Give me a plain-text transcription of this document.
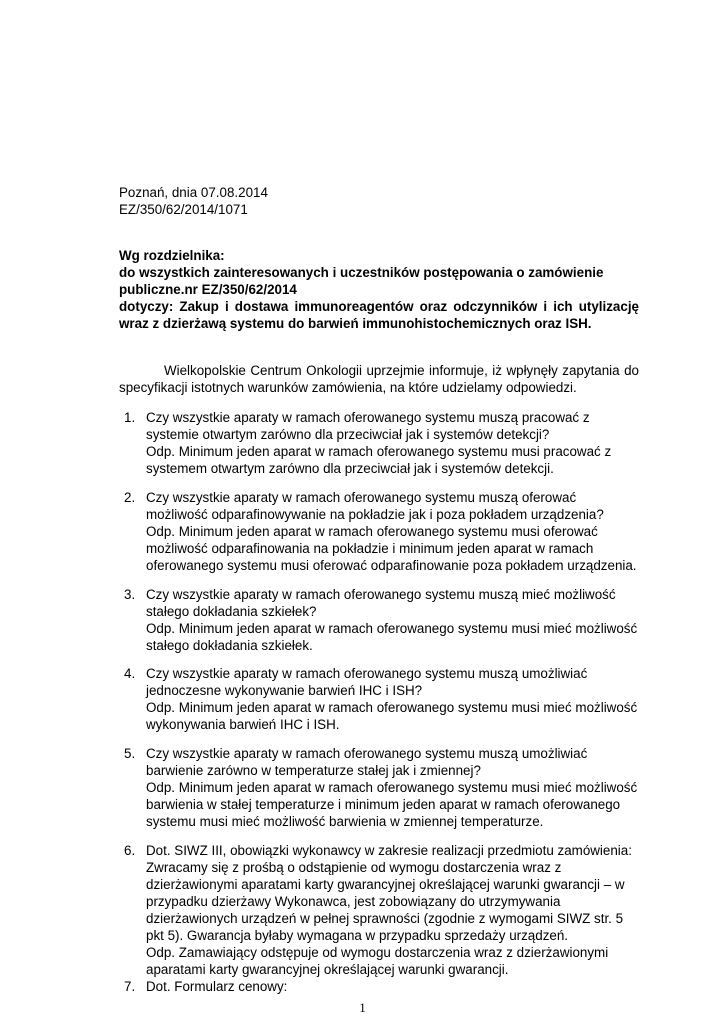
Poznań, dnia 07.08.2014
EZ/350/62/2014/1071
Wg rozdzielnika:
do wszystkich zainteresowanych i uczestników postępowania o zamówienie
publiczne.nr EZ/350/62/2014
dotyczy: Zakup i dostawa immunoreagentów oraz odczynników i ich utylizację
wraz z dzierżawą systemu do barwień immunohistochemicznych oraz ISH.
Wielkopolskie Centrum Onkologii uprzejmie informuje, iż wpłynęły zapytania do
specyfikacji istotnych warunków zamówienia, na które udzielamy odpowiedzi.
1. Czy wszystkie aparaty w ramach oferowanego systemu muszą pracować z
systemie otwartym zarówno dla przeciwciał jak i systemów detekcji?
Odp. Minimum jeden aparat w ramach oferowanego systemu musi pracować z
systemem otwartym zarówno dla przeciwciał jak i systemów detekcji.
2. Czy wszystkie aparaty w ramach oferowanego systemu muszą oferować
możliwość odparafinowywanie na pokładzie jak i poza pokładem urządzenia?
Odp. Minimum jeden aparat w ramach oferowanego systemu musi oferować
możliwość odparafinowania na pokładzie i minimum jeden aparat w ramach
oferowanego systemu musi oferować odparafinowanie poza pokładem urządzenia.
3. Czy wszystkie aparaty w ramach oferowanego systemu muszą mieć możliwość
stałego dokładania szkiełek?
Odp. Minimum jeden aparat w ramach oferowanego systemu musi mieć możliwość
stałego dokładania szkiełek.
4. Czy wszystkie aparaty w ramach oferowanego systemu muszą umożliwiać
jednoczesne wykonywanie barwień IHC i ISH?
Odp. Minimum jeden aparat w ramach oferowanego systemu musi mieć możliwość
wykonywania barwień IHC i ISH.
5. Czy wszystkie aparaty w ramach oferowanego systemu muszą umożliwiać
barwienie zarówno w temperaturze stałej jak i zmiennej?
Odp. Minimum jeden aparat w ramach oferowanego systemu musi mieć możliwość
barwienia w stałej temperaturze i minimum jeden aparat w ramach oferowanego
systemu musi mieć możliwość barwienia w zmiennej temperaturze.
6. Dot. SIWZ III, obowiązki wykonawcy w zakresie realizacji przedmiotu zamówienia:
Zwracamy się z prośbą o odstąpienie od wymogu dostarczenia wraz z
dzierżawionymi aparatami karty gwarancyjnej określającej warunki gwarancji – w
przypadku dzierżawy Wykonawca, jest zobowiązany do utrzymywania
dzierżawionych urządzeń w pełnej sprawności (zgodnie z wymogami SIWZ str. 5
pkt 5). Gwarancja byłaby wymagana w przypadku sprzedaży urządzeń.
Odp. Zamawiający odstępuje od wymogu dostarczenia wraz z dzierżawionymi
aparatami karty gwarancyjnej określającej warunki gwarancji.
7. Dot. Formularz cenowy:
1
